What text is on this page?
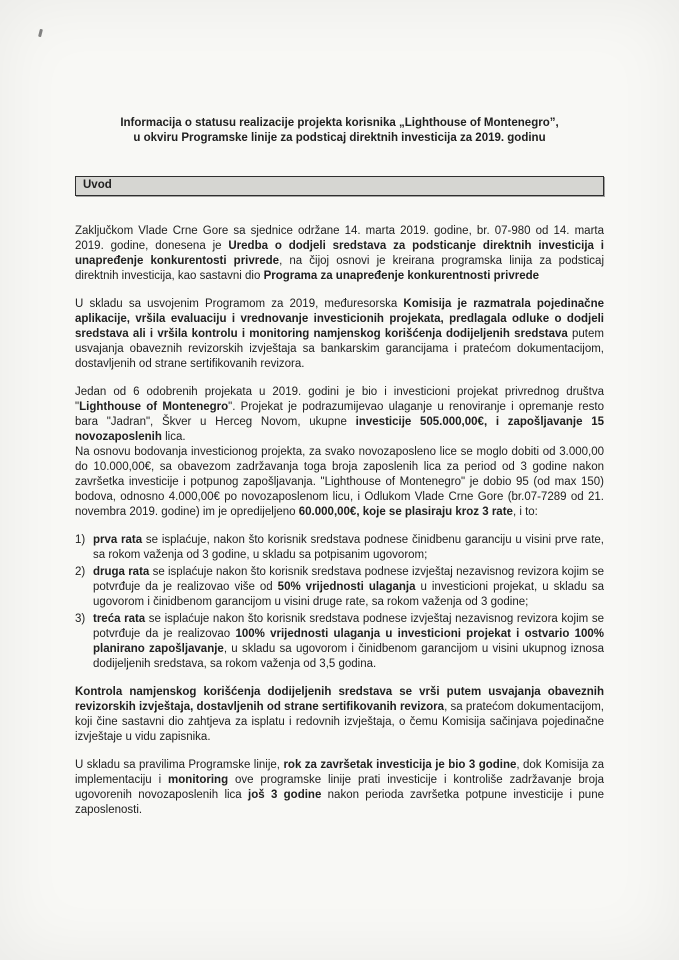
Informacija o statusu realizacije projekta korisnika „Lighthouse of Montenegro”,
u okviru Programske linije za podsticaj direktnih investicija za 2019. godinu
Uvod

Zaključkom Vlade Crne Gore sa sjednice održane 14. marta 2019. godine, br. 07-980 od 14. marta 2019. godine, donesena je Uredba o dodjeli sredstava za podsticanje direktnih investicija i unapređenje konkurentosti privrede, na čijoj osnovi je kreirana programska linija za podsticaj direktnih investicija, kao sastavni dio Programa za unapređenje konkurentnosti privrede

U skladu sa usvojenim Programom za 2019, međuresorska Komisija je razmatrala pojedinačne aplikacije, vršila evaluaciju i vrednovanje investicionih projekata, predlagala odluke o dodjeli sredstava ali i vršila kontrolu i monitoring namjenskog korišćenja dodijeljenih sredstava putem usvajanja obaveznih revizorskih izvještaja sa bankarskim garancijama i pratećom dokumentacijom, dostavljenih od strane sertifikovanih revizora.

Jedan od 6 odobrenih projekata u 2019. godini je bio i investicioni projekat privrednog društva "Lighthouse of Montenegro". Projekat je podrazumijevao ulaganje u renoviranje i opremanje resto bara "Jadran", Škver u Herceg Novom, ukupne investicije 505.000,00€, i zapošljavanje 15 novozaposlenih lica.

Na osnovu bodovanja investicionog projekta, za svako novozaposleno lice se moglo dobiti od 3.000,00 do 10.000,00€, sa obavezom zadržavanja toga broja zaposlenih lica za period od 3 godine nakon završetka investicije i potpunog zapošljavanja. "Lighthouse of Montenegro" je dobio 95 (od max 150) bodova, odnosno 4.000,00€ po novozaposlenom licu, i Odlukom Vlade Crne Gore (br.07-7289 od 21. novembra 2019. godine) im je opredijeljeno 60.000,00€, koje se plasiraju kroz 3 rate, i to:

1) prva rata se isplaćuje, nakon što korisnik sredstava podnese činidbenu garanciju u visini prve rate, sa rokom važenja od 3 godine, u skladu sa potpisanim ugovorom;
2) druga rata se isplaćuje nakon što korisnik sredstava podnese izvještaj nezavisnog revizora kojim se potvrđuje da je realizovao više od 50% vrijednosti ulaganja u investicioni projekat, u skladu sa ugovorom i činidbenom garancijom u visini druge rate, sa rokom važenja od 3 godine;
3) treća rata se isplaćuje nakon što korisnik sredstava podnese izvještaj nezavisnog revizora kojim se potvrđuje da je realizovao 100% vrijednosti ulaganja u investicioni projekat i ostvario 100% planirano zapošljavanje, u skladu sa ugovorom i činidbenom garancijom u visini ukupnog iznosa dodijeljenih sredstava, sa rokom važenja od 3,5 godina.

Kontrola namjenskog korišćenja dodijeljenih sredstava se vrši putem usvajanja obaveznih revizorskih izvještaja, dostavljenih od strane sertifikovanih revizora, sa pratećom dokumentacijom, koji čine sastavni dio zahtjeva za isplatu i redovnih izvještaja, o čemu Komisija sačinjava pojedinačne izvještaje u vidu zapisnika.

U skladu sa pravilima Programske linije, rok za završetak investicija je bio 3 godine, dok Komisija za implementaciju i monitoring ove programske linije prati investicije i kontroliše zadržavanje broja ugovorenih novozaposlenih lica još 3 godine nakon perioda završetka potpune investicije i pune zaposlenosti.
